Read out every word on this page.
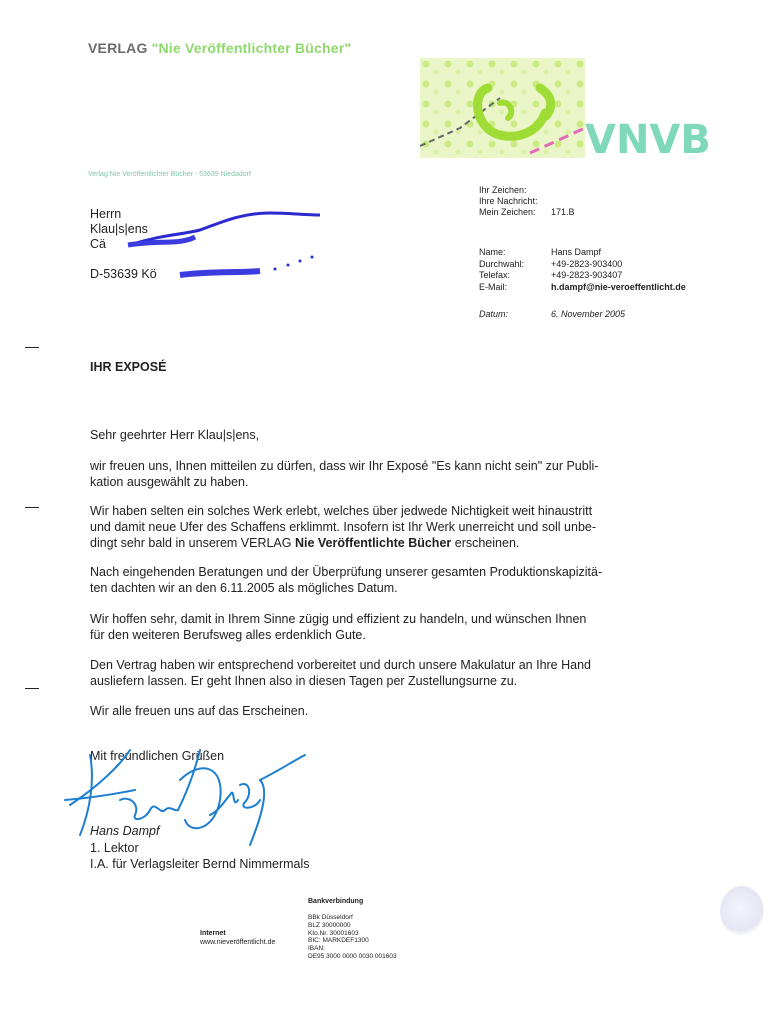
VERLAG "Nie Veröffentlichter Bücher"
VNVB
Verlag Nie Veröffentlichter Bücher - 53639 Niedadorf
Herrn
Klau|s|ens
Cä
D-53639 Kö
Ihr Zeichen:
Ihre Nachricht:
Mein Zeichen:	171.B
Name:	Hans Dampf
Durchwahl:	+49-2823-903400
Telefax:	+49-2823-903407
E-Mail:	h.dampf@nie-veroeffentlicht.de
Datum:	6. November 2005
IHR EXPOSÉ
Sehr geehrter Herr Klau|s|ens,
wir freuen uns, Ihnen mitteilen zu dürfen, dass wir Ihr Exposé "Es kann nicht sein" zur Publi-
kation ausgewählt zu haben.
Wir haben selten ein solches Werk erlebt, welches über jedwede Nichtigkeit weit hinaustritt
und damit neue Ufer des Schaffens erklimmt. Insofern ist Ihr Werk unerreicht und soll unbe-
dingt sehr bald in unserem VERLAG Nie Veröffentlichte Bücher erscheinen.
Nach eingehenden Beratungen und der Überprüfung unserer gesamten Produktionskapizitä-
ten dachten wir an den 6.11.2005 als mögliches Datum.
Wir hoffen sehr, damit in Ihrem Sinne zügig und effizient zu handeln, und wünschen Ihnen
für den weiteren Berufsweg alles erdenklich Gute.
Den Vertrag haben wir entsprechend vorbereitet und durch unsere Makulatur an Ihre Hand
ausliefern lassen. Er geht Ihnen also in diesen Tagen per Zustellungsurne zu.
Wir alle freuen uns auf das Erscheinen.
Mit freundlichen Grüßen
Hans Dampf
1. Lektor
I.A. für Verlagsleiter Bernd Nimmermals
Internet
www.nieveröffentlicht.de
Bankverbindung
BBk Düsseldorf
BLZ 30000000
Kto.Nr. 30001603
BIC: MARKDEF1300
IBAN:
DE95 3000 0000 0030 001603
